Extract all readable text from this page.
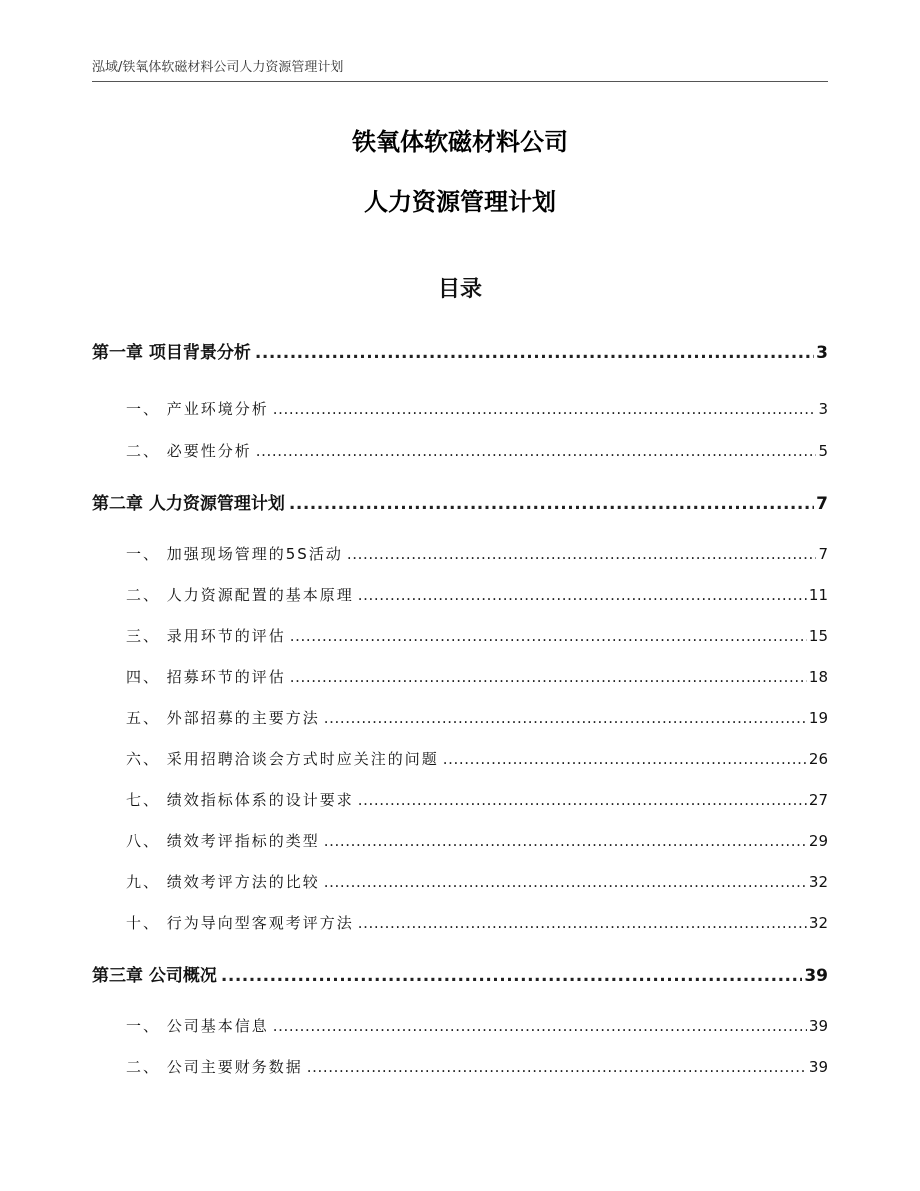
泓域/铁氧体软磁材料公司人力资源管理计划
铁氧体软磁材料公司
人力资源管理计划
目录
第一章 项目背景分析 .....	3
一、 产业环境分析 .....	3
二、 必要性分析 .....	5
第二章 人力资源管理计划 .....	7
一、 加强现场管理的5S活动 .....	7
二、 人力资源配置的基本原理 .....	11
三、 录用环节的评估 .....	15
四、 招募环节的评估 .....	18
五、 外部招募的主要方法 .....	19
六、 采用招聘洽谈会方式时应关注的问题 .....	26
七、 绩效指标体系的设计要求 .....	27
八、 绩效考评指标的类型 .....	29
九、 绩效考评方法的比较 .....	32
十、 行为导向型客观考评方法 .....	32
第三章 公司概况 .....	39
一、 公司基本信息 .....	39
二、 公司主要财务数据 .....	39
